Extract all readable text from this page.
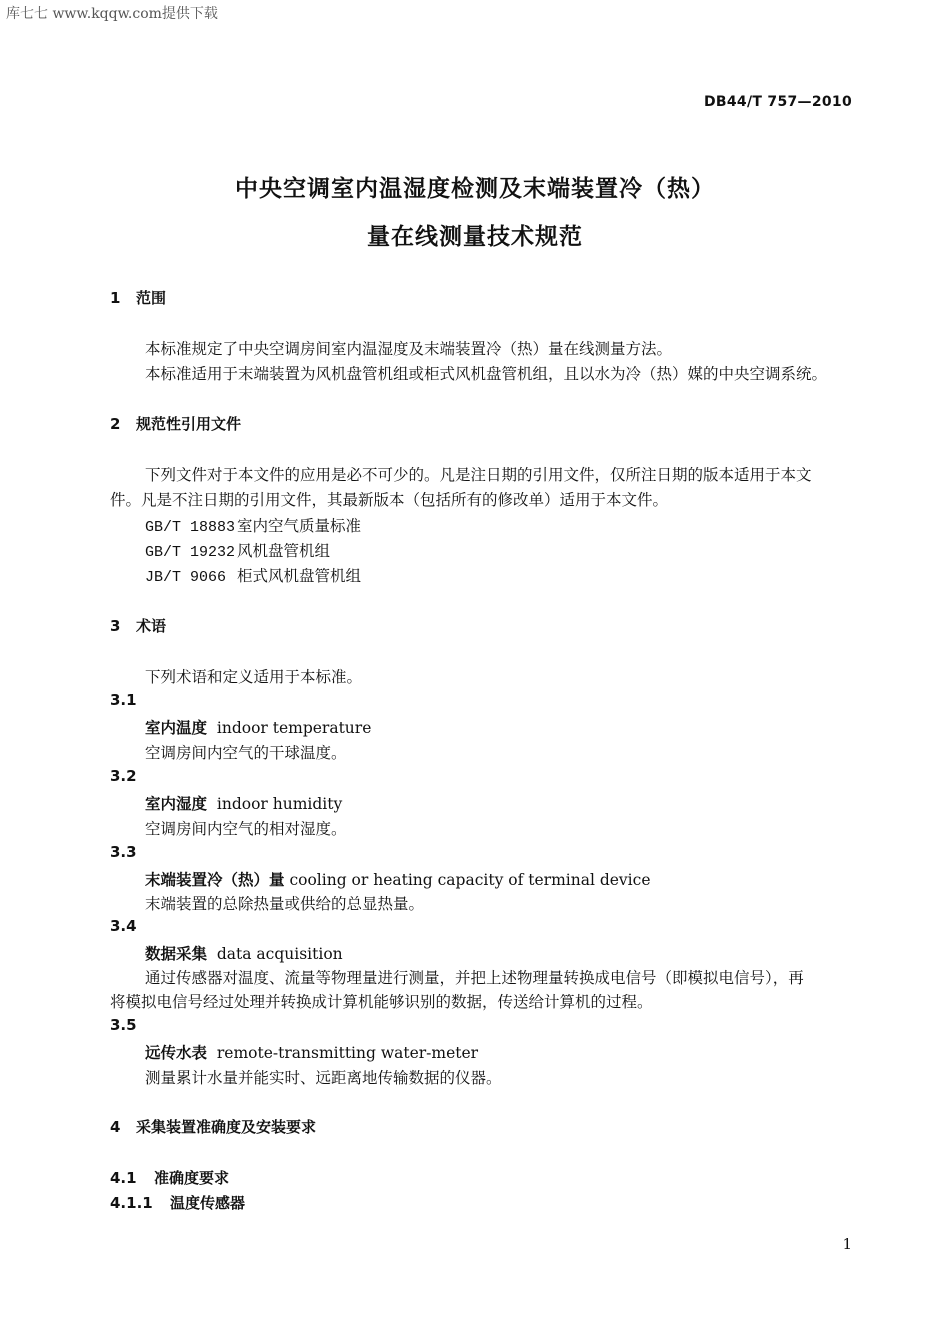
库七七 www.kqqw.com提供下载
DB44/T 757—2010
中央空调室内温湿度检测及末端装置冷（热）
量在线测量技术规范
1 范围
本标准规定了中央空调房间室内温湿度及末端装置冷（热）量在线测量方法。
本标准适用于末端装置为风机盘管机组或柜式风机盘管机组，且以水为冷（热）媒的中央空调系统。
2 规范性引用文件
下列文件对于本文件的应用是必不可少的。凡是注日期的引用文件，仅所注日期的版本适用于本文
件。凡是不注日期的引用文件，其最新版本（包括所有的修改单）适用于本文件。
GB/T 18883 室内空气质量标准
GB/T 19232 风机盘管机组
JB/T 9066 柜式风机盘管机组
3 术语
下列术语和定义适用于本标准。
3.1
室内温度 indoor temperature
空调房间内空气的干球温度。
3.2
室内湿度 indoor humidity
空调房间内空气的相对湿度。
3.3
末端装置冷（热）量 cooling or heating capacity of terminal device
末端装置的总除热量或供给的总显热量。
3.4
数据采集 data acquisition
通过传感器对温度、流量等物理量进行测量，并把上述物理量转换成电信号（即模拟电信号），再
将模拟电信号经过处理并转换成计算机能够识别的数据，传送给计算机的过程。
3.5
远传水表 remote-transmitting water-meter
测量累计水量并能实时、远距离地传输数据的仪器。
4 采集装置准确度及安装要求
4.1 准确度要求
4.1.1 温度传感器
1
